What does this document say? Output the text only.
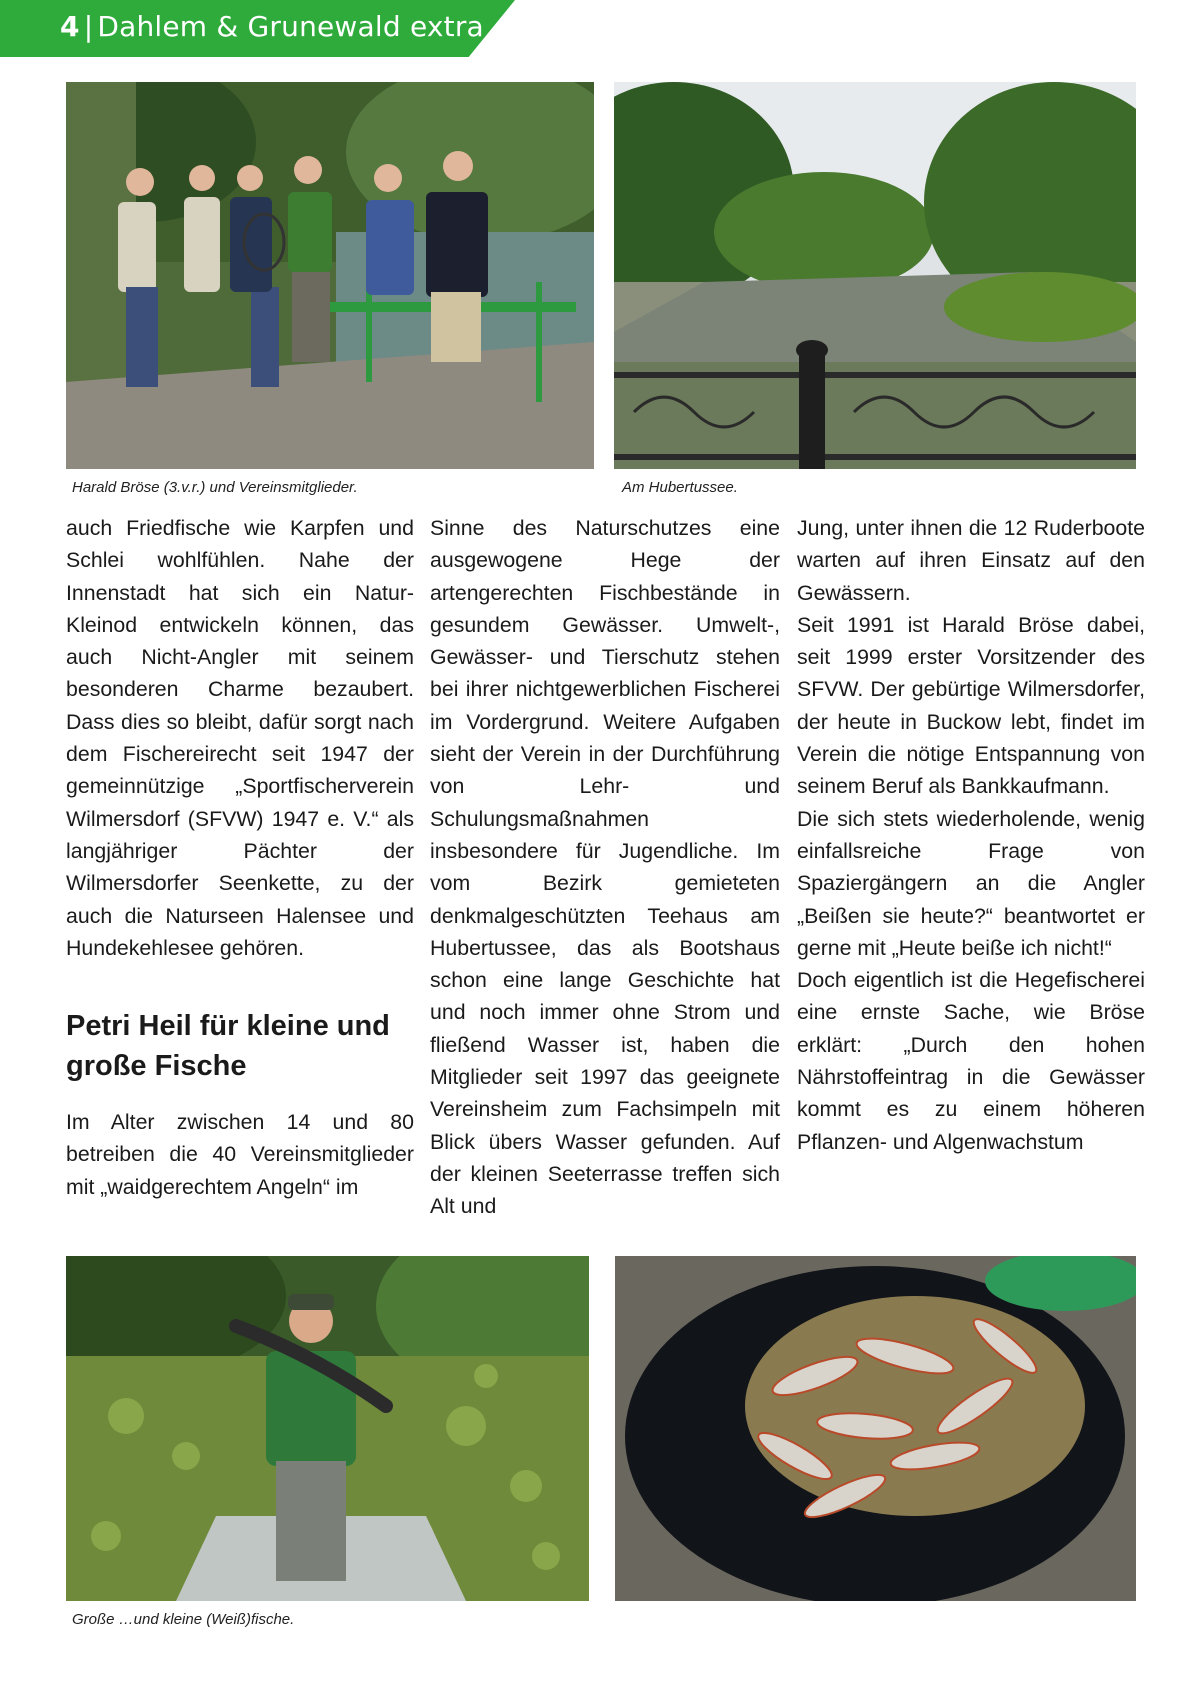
4 | Dahlem & Grunewald extra
Harald Bröse (3.v.r.) und Vereinsmitglieder.	Am Hubertussee.

auch Friedfische wie Karpfen und Schlei wohlfühlen. Nahe der Innenstadt hat sich ein Natur-Kleinod entwickeln können, das auch Nicht-Angler mit seinem besonderen Charme bezaubert. Dass dies so bleibt, dafür sorgt nach dem Fischereirecht seit 1947 der gemeinnützige „Sportfischerverein Wilmersdorf (SFVW) 1947 e. V.“ als langjähriger Pächter der Wilmersdorfer Seenkette, zu der auch die Naturseen Halensee und Hundekehlesee gehören.

Petri Heil für kleine und große Fische

Im Alter zwischen 14 und 80 betreiben die 40 Vereinsmitglieder mit „waidgerechtem Angeln“ im

Sinne des Naturschutzes eine ausgewogene Hege der artengerechten Fischbestände in gesundem Gewässer. Umwelt-, Gewässer- und Tierschutz stehen bei ihrer nichtgewerblichen Fischerei im Vordergrund. Weitere Aufgaben sieht der Verein in der Durchführung von Lehr- und Schulungsmaßnahmen insbesondere für Jugendliche. Im vom Bezirk gemieteten denkmalgeschützten Teehaus am Hubertussee, das als Bootshaus schon eine lange Geschichte hat und noch immer ohne Strom und fließend Wasser ist, haben die Mitglieder seit 1997 das geeignete Vereinsheim zum Fachsimpeln mit Blick übers Wasser gefunden. Auf der kleinen Seeterrasse treffen sich Alt und

Jung, unter ihnen die 12 Ruderboote warten auf ihren Einsatz auf den Gewässern.

Seit 1991 ist Harald Bröse dabei, seit 1999 erster Vorsitzender des SFVW. Der gebürtige Wilmersdorfer, der heute in Buckow lebt, findet im Verein die nötige Entspannung von seinem Beruf als Bankkaufmann.

Die sich stets wiederholende, wenig einfallsreiche Frage von Spaziergängern an die Angler „Beißen sie heute?“ beantwortet er gerne mit „Heute beiße ich nicht!“

Doch eigentlich ist die Hegefischerei eine ernste Sache, wie Bröse erklärt: „Durch den hohen Nährstoffeintrag in die Gewässer kommt es zu einem höheren Pflanzen- und Algenwachstum

Große …und kleine (Weiß)fische.
